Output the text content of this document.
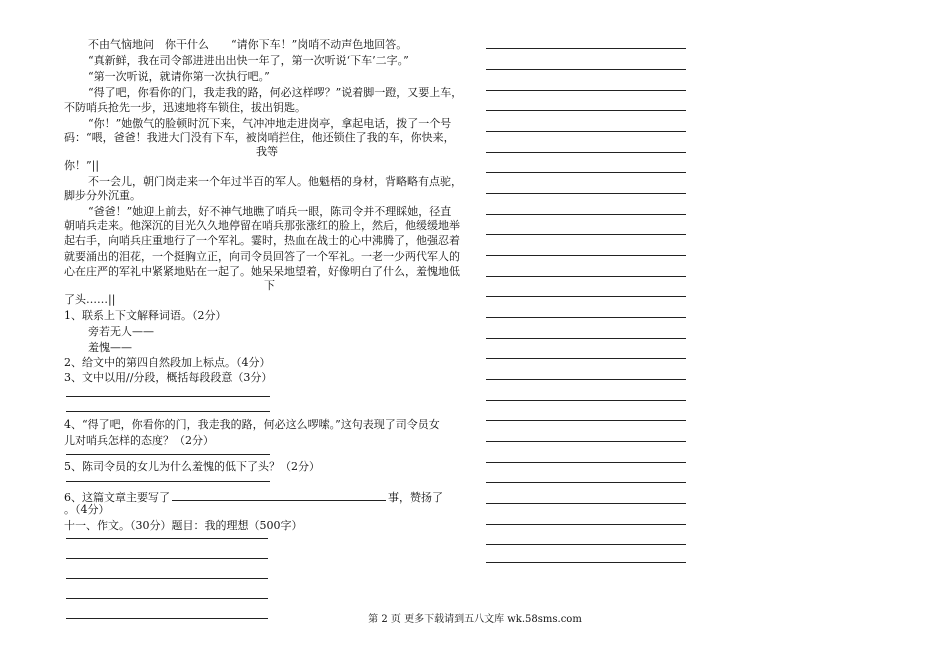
不由气恼地问　你干什么　　“请你下车！”岗哨不动声色地回答。
“真新鲜，我在司令部进进出出快一年了，第一次听说‘下车’二字。”
“第一次听说，就请你第一次执行吧。”
“得了吧，你看你的门，我走我的路，何必这样啰？”说着脚一蹬，又要上车，
不防哨兵抢先一步，迅速地将车锁住，拔出钥匙。
“你！”她傲气的脸顿时沉下来，气冲冲地走进岗亭，拿起电话，拨了一个号
码：“喂，爸爸！我进大门没有下车，被岗哨拦住，他还锁住了我的车，你快来，
我等
你！”||
不一会儿，朝门岗走来一个年过半百的军人。他魁梧的身材，背略略有点驼，
脚步分外沉重。
“爸爸！”她迎上前去，好不神气地瞧了哨兵一眼，陈司令并不理睬她，径直
朝哨兵走来。他深沉的目光久久地停留在哨兵那张涨红的脸上，然后，他缓缓地举
起右手，向哨兵庄重地行了一个军礼。霎时，热血在战士的心中沸腾了，他强忍着
就要涌出的泪花，一个挺胸立正，向司令员回答了一个军礼。一老一少两代军人的
心在庄严的军礼中紧紧地贴在一起了。她呆呆地望着，好像明白了什么，羞愧地低
下
了头……||
1、联系上下文解释词语。（2分）
旁若无人——
羞愧——
2、给文中的第四自然段加上标点。（4分）
3、文中以用//分段，概括每段段意（3分）
4、“得了吧，你看你的门，我走我的路，何必这么啰嗦。”这句表现了司令员女
儿对哨兵怎样的态度？（2分）
5、陈司令员的女儿为什么羞愧的低下了头？（2分）
6、这篇文章主要写了	事，赞扬了
。（4分）
十一、作文。（30分）题目：我的理想（500字）
第 2 页 更多下载请到五八文库 wk.58sms.com
